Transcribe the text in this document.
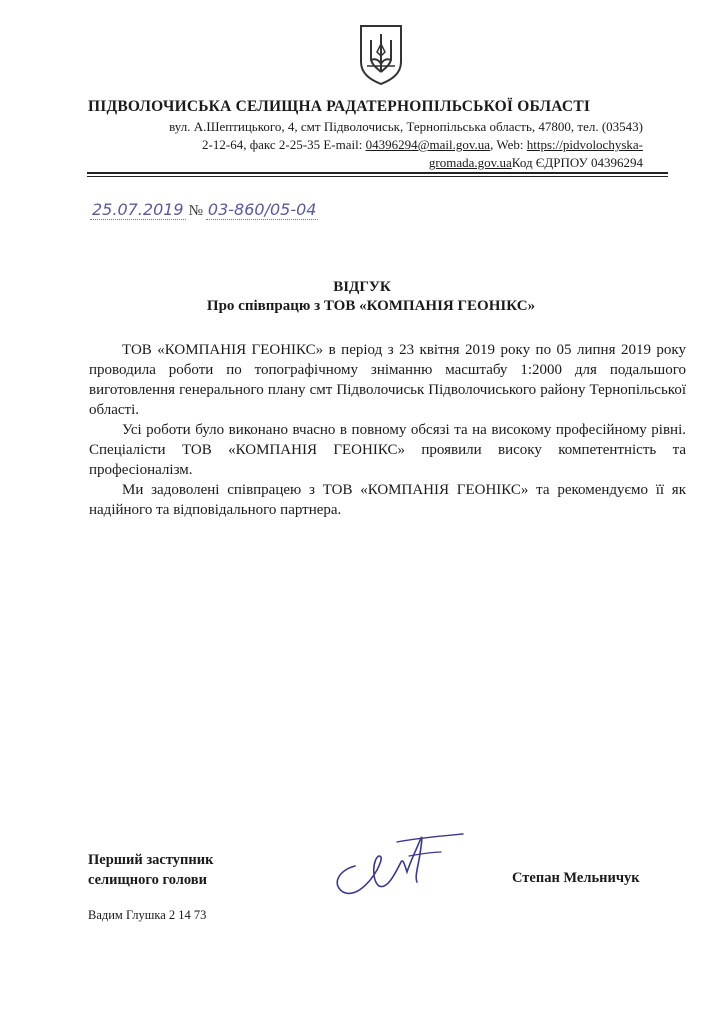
ПІДВОЛОЧИСЬКА СЕЛИЩНА РАДАТЕРНОПІЛЬСЬКОЇ ОБЛАСТІ
вул. А.Шептицького, 4, смт Підволочиськ, Тернопільська область, 47800, тел. (03543)
2-12-64, факс 2-25-35 E-mail: 04396294@mail.gov.ua, Web: https://pidvolochyska-
gromada.gov.uaКод ЄДРПОУ 04396294
25.07.2019 № 03-860/05-04
ВІДГУК
Про співпрацю з ТОВ «КОМПАНІЯ ГЕОНІКС»

ТОВ «КОМПАНІЯ ГЕОНІКС» в період з 23 квітня 2019 року по 05 липня 2019 року проводила роботи по топографічному зніманню масштабу 1:2000 для подальшого виготовлення генерального плану смт Підволочиськ Підволочиського району Тернопільської області.

Усі роботи було виконано вчасно в повному обсязі та на високому професійному рівні. Спеціалісти ТОВ «КОМПАНІЯ ГЕОНІКС» проявили високу компетентність та професіоналізм.

Ми задоволені співпрацею з ТОВ «КОМПАНІЯ ГЕОНІКС» та рекомендуємо її як надійного та відповідального партнера.

Перший заступник
селищного голови	Степан Мельничук
Вадим Глушка 2 14 73
